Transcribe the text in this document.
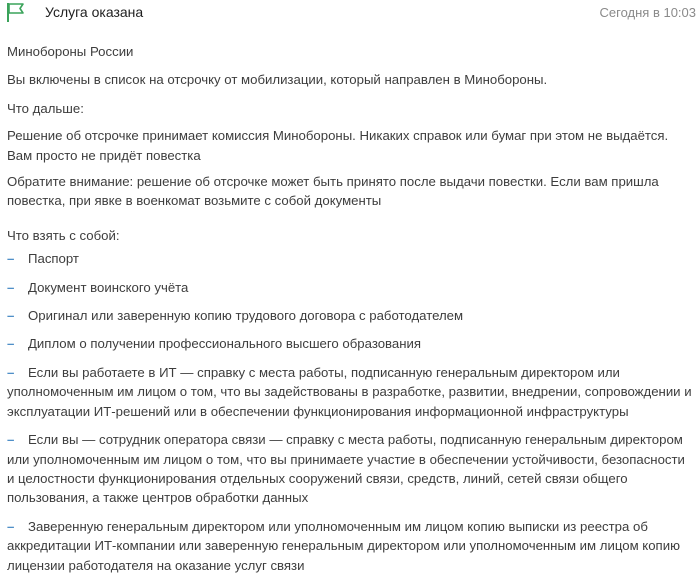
Услуга оказана	Сегодня в 10:03

Минобороны России

Вы включены в список на отсрочку от мобилизации, который направлен в Минобороны.

Что дальше:

Решение об отсрочке принимает комиссия Минобороны. Никаких справок или бумаг при этом не выдаётся. Вам просто не придёт повестка

Обратите внимание: решение об отсрочке может быть принято после выдачи повестки. Если вам пришла повестка, при явке в военкомат возьмите с собой документы

Что взять с собой:

– Паспорт

– Документ воинского учёта

– Оригинал или заверенную копию трудового договора с работодателем

– Диплом о получении профессионального высшего образования

– Если вы работаете в ИТ — справку с места работы, подписанную генеральным директором или уполномоченным им лицом о том, что вы задействованы в разработке, развитии, внедрении, сопровождении и эксплуатации ИТ-решений или в обеспечении функционирования информационной инфраструктуры

– Если вы — сотрудник оператора связи — справку с места работы, подписанную генеральным директором или уполномоченным им лицом о том, что вы принимаете участие в обеспечении устойчивости, безопасности и целостности функционирования отдельных сооружений связи, средств, линий, сетей связи общего пользования, а также центров обработки данных

– Заверенную генеральным директором или уполномоченным им лицом копию выписки из реестра об аккредитации ИТ-компании или заверенную генеральным директором или уполномоченным им лицом копию лицензии работодателя на оказание услуг связи
